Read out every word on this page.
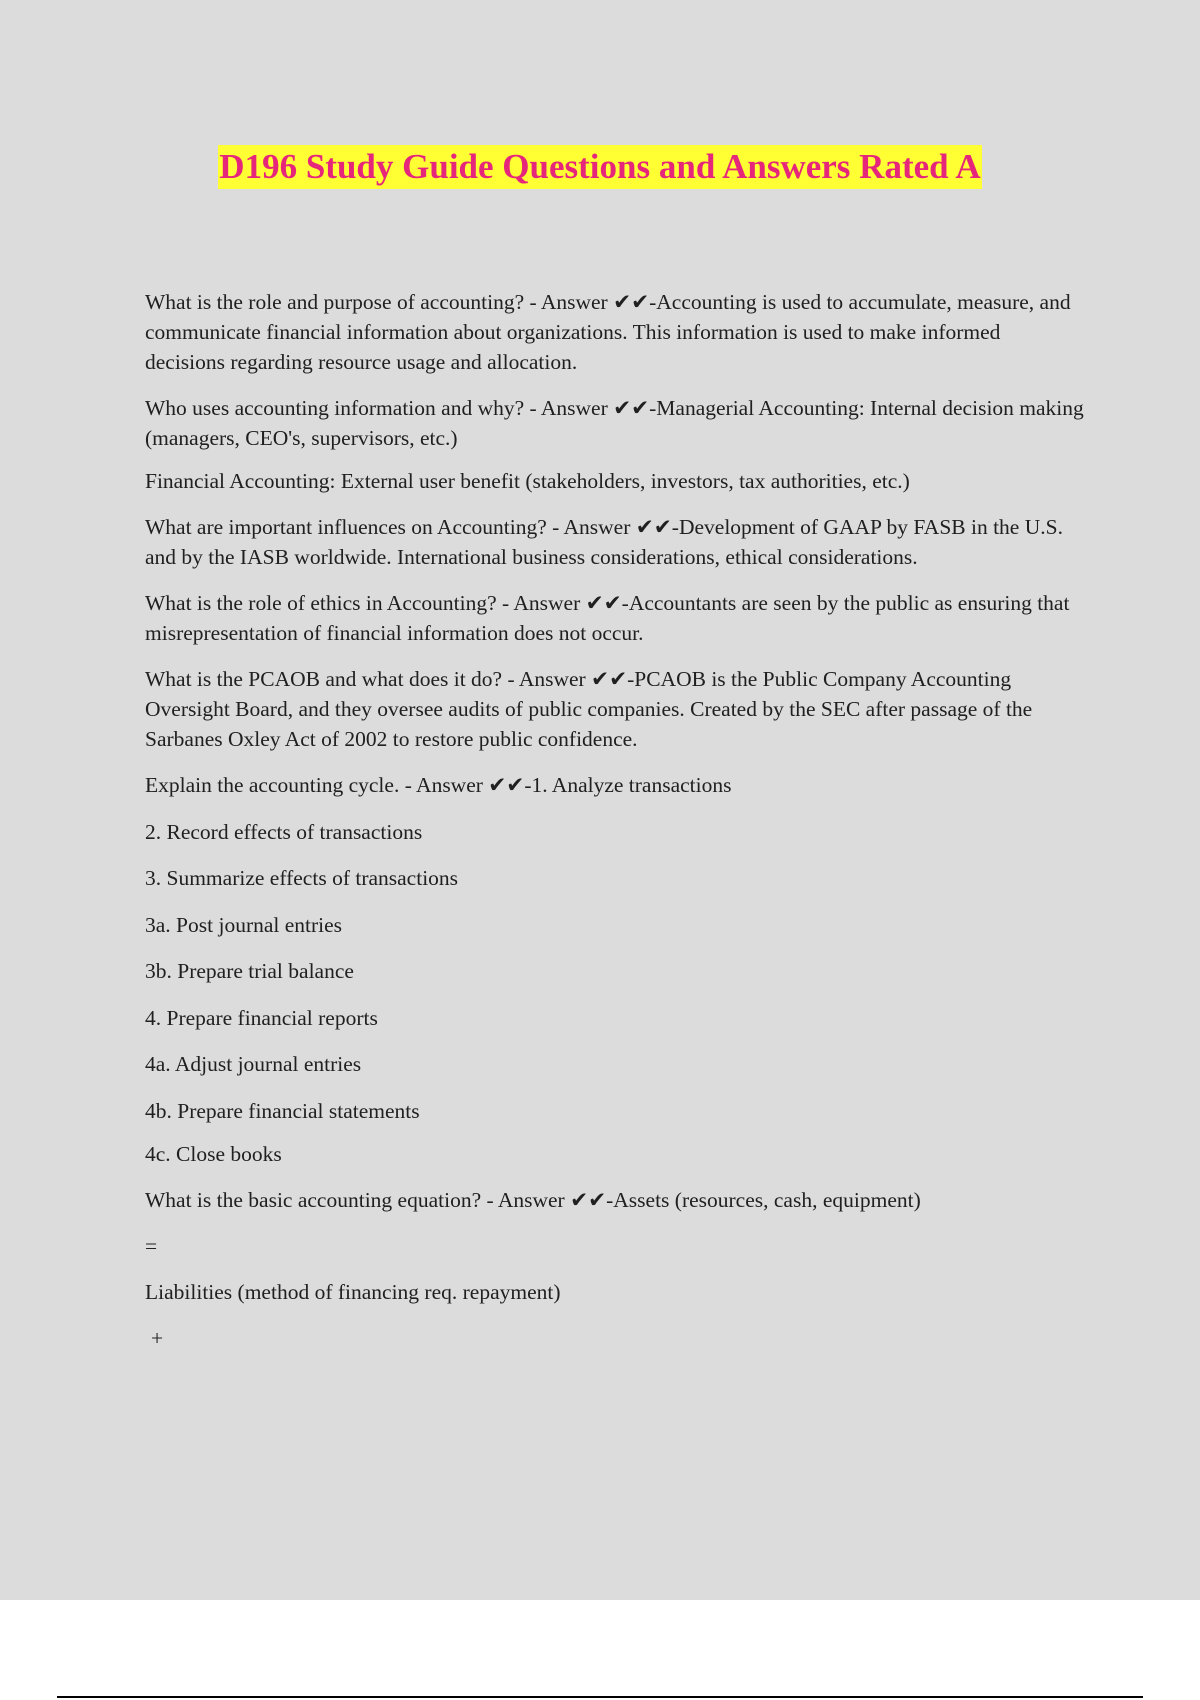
D196 Study Guide Questions and Answers Rated A

What is the role and purpose of accounting? - Answer ✔✔-Accounting is used to accumulate, measure, and communicate financial information about organizations. This information is used to make informed decisions regarding resource usage and allocation.

Who uses accounting information and why? - Answer ✔✔-Managerial Accounting: Internal decision making (managers, CEO's, supervisors, etc.)

Financial Accounting: External user benefit (stakeholders, investors, tax authorities, etc.)

What are important influences on Accounting? - Answer ✔✔-Development of GAAP by FASB in the U.S. and by the IASB worldwide. International business considerations, ethical considerations.

What is the role of ethics in Accounting? - Answer ✔✔-Accountants are seen by the public as ensuring that misrepresentation of financial information does not occur.

What is the PCAOB and what does it do? - Answer ✔✔-PCAOB is the Public Company Accounting Oversight Board, and they oversee audits of public companies. Created by the SEC after passage of the Sarbanes Oxley Act of 2002 to restore public confidence.

Explain the accounting cycle. - Answer ✔✔-1. Analyze transactions

2. Record effects of transactions

3. Summarize effects of transactions

3a. Post journal entries

3b. Prepare trial balance

4. Prepare financial reports

4a. Adjust journal entries

4b. Prepare financial statements

4c. Close books

What is the basic accounting equation? - Answer ✔✔-Assets (resources, cash, equipment)

=

Liabilities (method of financing req. repayment)

+
